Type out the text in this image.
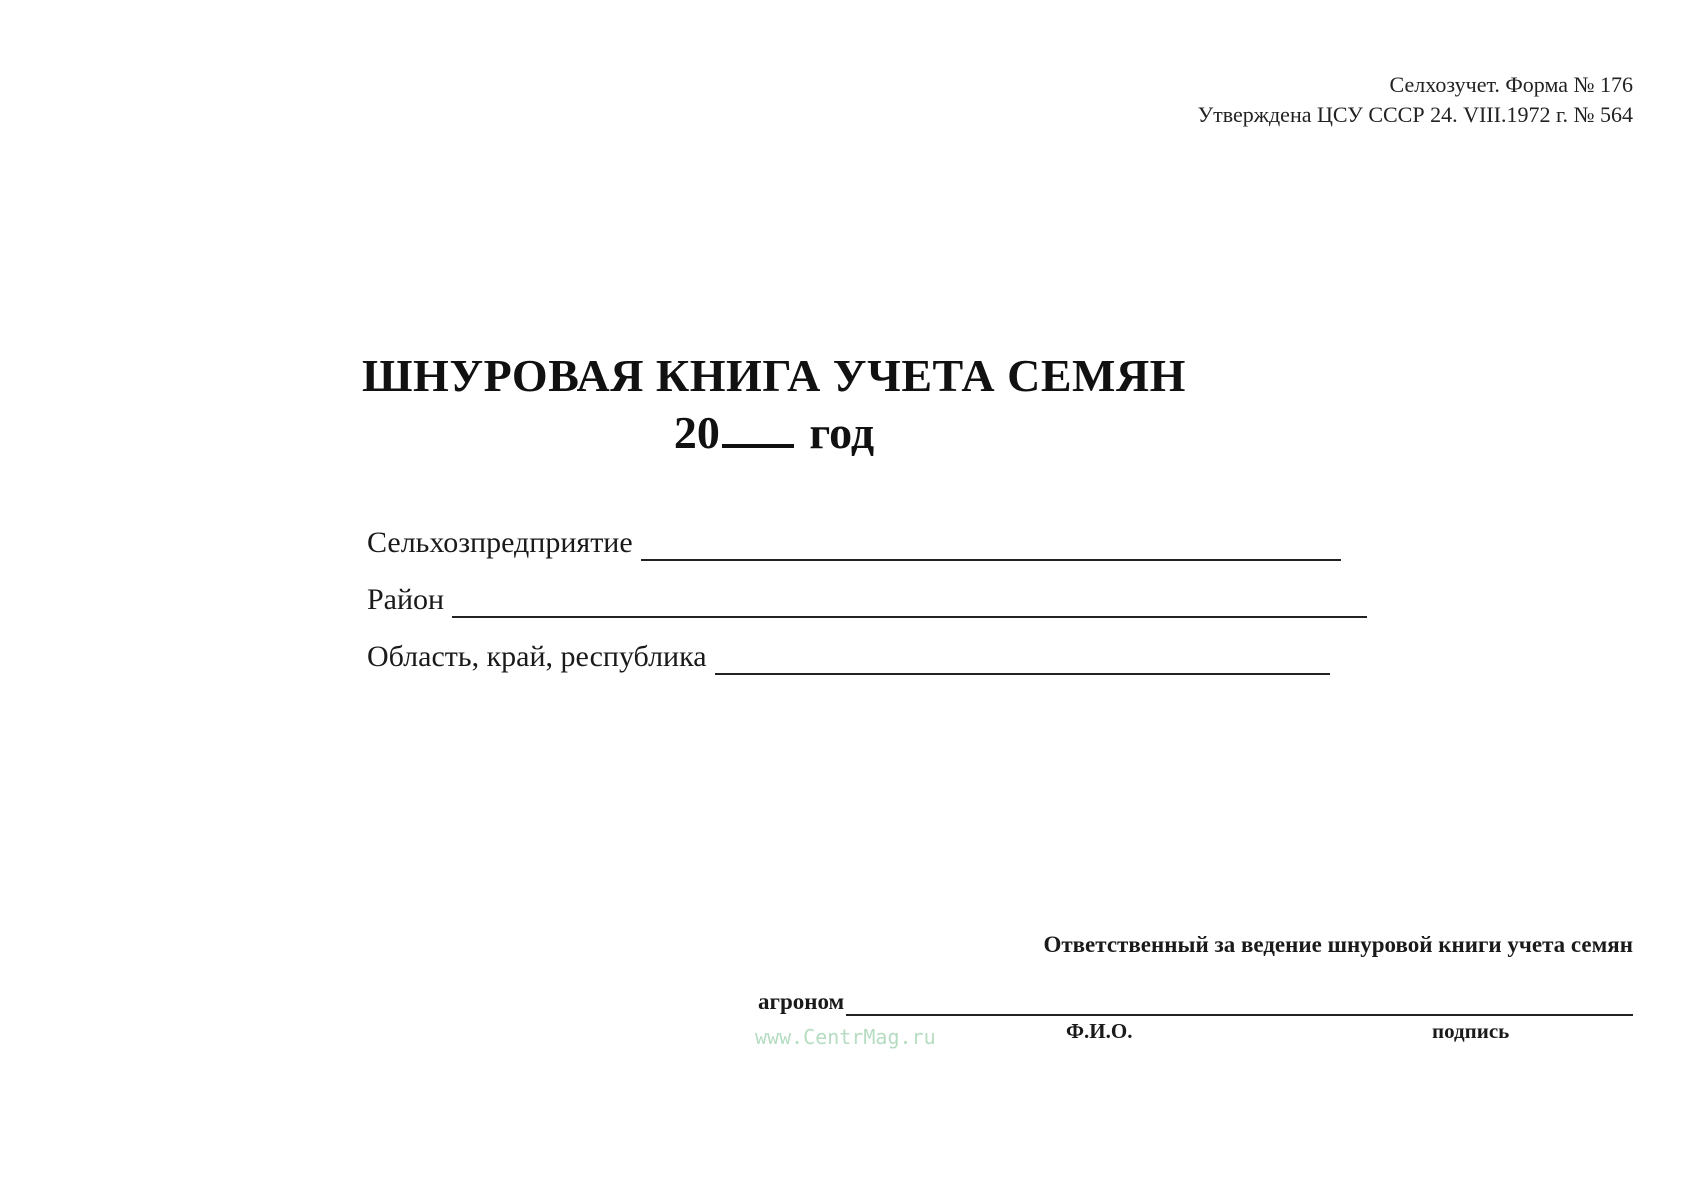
Селхозучет. Форма № 176
Утверждена ЦСУ СССР 24. VIII.1972 г. № 564
ШНУРОВАЯ КНИГА УЧЕТА СЕМЯН
20 год
Сельхозпредприятие
Район
Область, край, республика
Ответственный за ведение шнуровой книги учета семян
агроном
www.CentrMag.ru	Ф.И.О.	подпись
